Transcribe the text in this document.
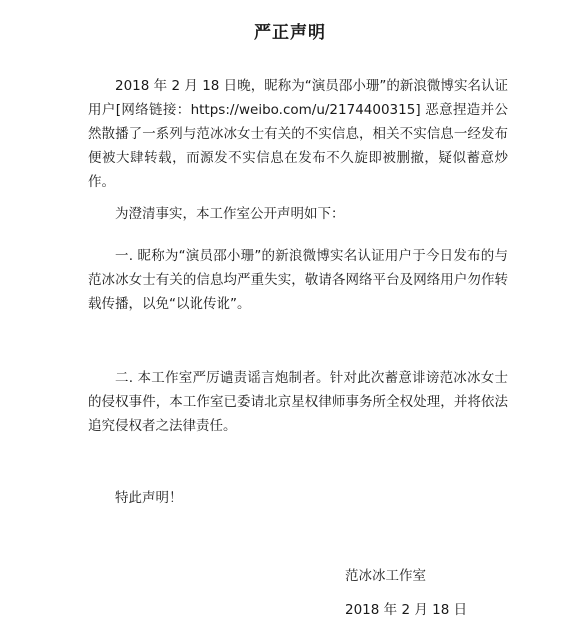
严正声明

2018 年 2 月 18 日晚，昵称为“演员邵小珊”的新浪微博实名认证用户[网络链接：https://weibo.com/u/2174400315] 恶意捏造并公然散播了一系列与范冰冰女士有关的不实信息，相关不实信息一经发布便被大肆转载，而源发不实信息在发布不久旋即被删撤，疑似蓄意炒作。

为澄清事实，本工作室公开声明如下：

一. 昵称为“演员邵小珊”的新浪微博实名认证用户于今日发布的与范冰冰女士有关的信息均严重失实，敬请各网络平台及网络用户勿作转载传播，以免“以讹传讹”。

二. 本工作室严厉谴责谣言炮制者。针对此次蓄意诽谤范冰冰女士的侵权事件，本工作室已委请北京星权律师事务所全权处理，并将依法追究侵权者之法律责任。

特此声明！

范冰冰工作室
2018 年 2 月 18 日
